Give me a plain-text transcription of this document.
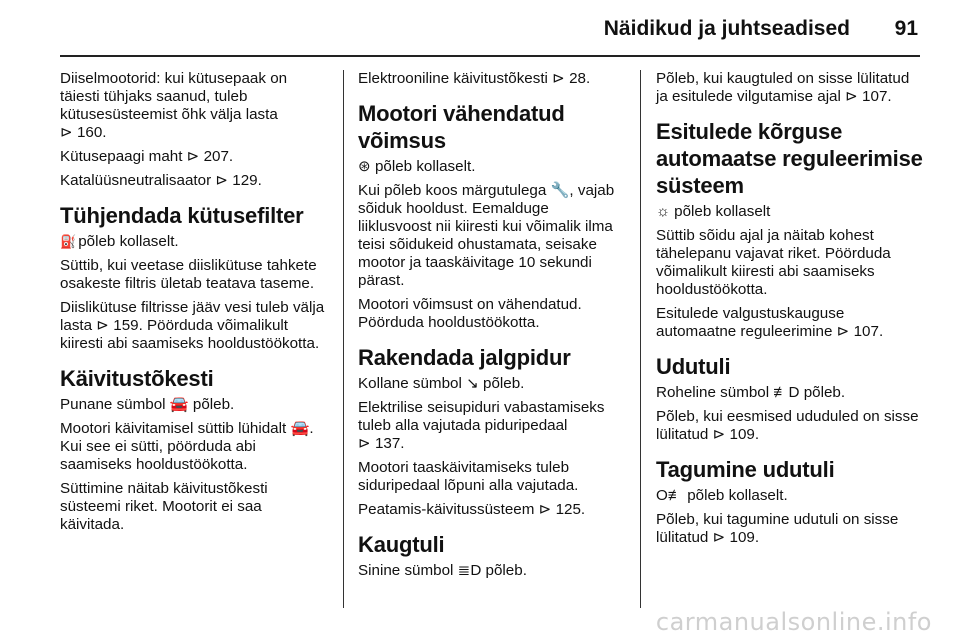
Näidikud ja juhtseadised 91

Diiselmootorid: kui kütusepaak on täiesti tühjaks saanud, tuleb kütusesüsteemist õhk välja lasta
⊳ 160.

Kütusepaagi maht ⊳ 207.

Katalüüsneutralisaator ⊳ 129.

Tühjendada kütusefilter

⛽ põleb kollaselt.

Süttib, kui veetase diislikütuse tahkete osakeste filtris ületab teatava taseme.

Diislikütuse filtrisse jääv vesi tuleb välja lasta ⊳ 159. Pöörduda võimalikult kiiresti abi saamiseks hooldustöökotta.

Käivitustõkesti

Punane sümbol 🚘 põleb.

Mootori käivitamisel süttib lühidalt 🚘. Kui see ei sütti, pöörduda abi saamiseks hooldustöökotta.

Süttimine näitab käivitustõkesti süsteemi riket. Mootorit ei saa käivitada.

Elektrooniline käivitustõkesti ⊳ 28.

Mootori vähendatud võimsus

⊛ põleb kollaselt.

Kui põleb koos märgutulega 🔧, vajab sõiduk hooldust. Eemalduge liiklusvoost nii kiiresti kui võimalik ilma teisi sõidukeid ohustamata, seisake mootor ja taaskäivitage 10 sekundi pärast.

Mootori võimsust on vähendatud. Pöörduda hooldustöökotta.

Rakendada jalgpidur

Kollane sümbol ↘ põleb.

Elektrilise seisupiduri vabastamiseks tuleb alla vajutada piduripedaal
⊳ 137.

Mootori taaskäivitamiseks tuleb siduripedaal lõpuni alla vajutada.

Peatamis-käivitussüsteem ⊳ 125.

Kaugtuli

Sinine sümbol ≣D põleb.

Põleb, kui kaugtuled on sisse lülitatud ja esitulede vilgutamise ajal ⊳ 107.

Esitulede kõrguse automaatse reguleerimise süsteem

☼ põleb kollaselt

Süttib sõidu ajal ja näitab kohest tähelepanu vajavat riket. Pöörduda võimalikult kiiresti abi saamiseks hooldustöökotta.

Esitulede valgustuskauguse automaatne reguleerimine ⊳ 107.

Udutuli

Roheline sümbol ≢D põleb.

Põleb, kui eesmised ududuled on sisse lülitatud ⊳ 109.

Tagumine udutuli

O≢ põleb kollaselt.

Põleb, kui tagumine udutuli on sisse lülitatud ⊳ 109.

carmanualsonline.info
